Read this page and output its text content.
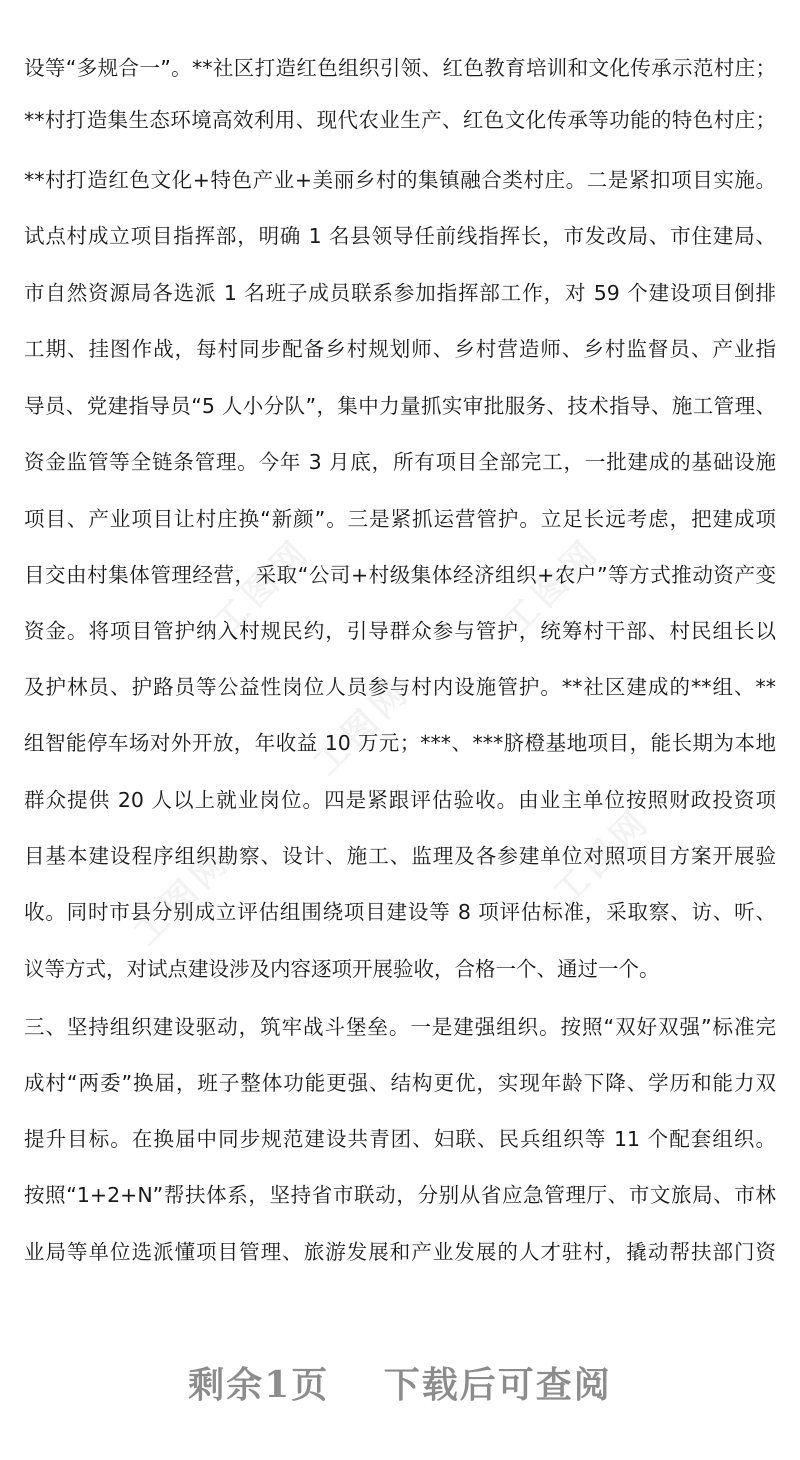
工图网	工图网
工图网
工图网	工图网
设等“多规合一”。**社区打造红色组织引领、红色教育培训和文化传承示范村庄；
**村打造集生态环境高效利用、现代农业生产、红色文化传承等功能的特色村庄；
**村打造红色文化+特色产业+美丽乡村的集镇融合类村庄。二是紧扣项目实施。
试点村成立项目指挥部，明确 1 名县领导任前线指挥长，市发改局、市住建局、
市自然资源局各选派 1 名班子成员联系参加指挥部工作，对 59 个建设项目倒排
工期、挂图作战，每村同步配备乡村规划师、乡村营造师、乡村监督员、产业指
导员、党建指导员“5 人小分队”，集中力量抓实审批服务、技术指导、施工管理、
资金监管等全链条管理。今年 3 月底，所有项目全部完工，一批建成的基础设施
项目、产业项目让村庄换“新颜”。三是紧抓运营管护。立足长远考虑，把建成项
目交由村集体管理经营，采取“公司+村级集体经济组织+农户”等方式推动资产变
资金。将项目管护纳入村规民约，引导群众参与管护，统筹村干部、村民组长以
及护林员、护路员等公益性岗位人员参与村内设施管护。**社区建成的**组、**
组智能停车场对外开放，年收益 10 万元；***、***脐橙基地项目，能长期为本地
群众提供 20 人以上就业岗位。四是紧跟评估验收。由业主单位按照财政投资项
目基本建设程序组织勘察、设计、施工、监理及各参建单位对照项目方案开展验
收。同时市县分别成立评估组围绕项目建设等 8 项评估标准，采取察、访、听、
议等方式，对试点建设涉及内容逐项开展验收，合格一个、通过一个。
三、坚持组织建设驱动，筑牢战斗堡垒。一是建强组织。按照“双好双强”标准完
成村“两委”换届，班子整体功能更强、结构更优，实现年龄下降、学历和能力双
提升目标。在换届中同步规范建设共青团、妇联、民兵组织等 11 个配套组织。
按照“1+2+N”帮扶体系，坚持省市联动，分别从省应急管理厅、市文旅局、市林
业局等单位选派懂项目管理、旅游发展和产业发展的人才驻村，撬动帮扶部门资
剩余1页 下载后可查阅
